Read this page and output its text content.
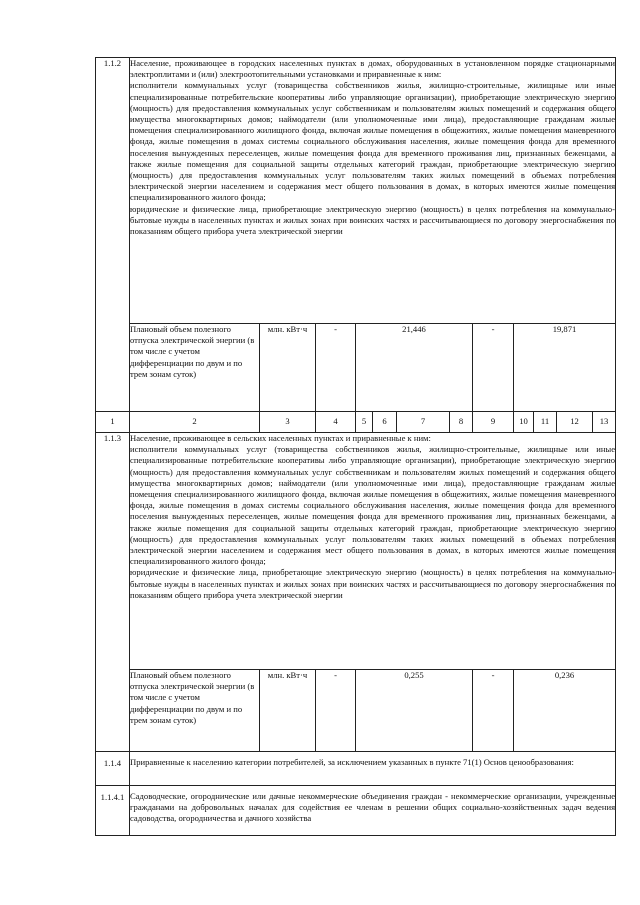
1.1.2	Население, проживающее в городских населенных пунктах в домах, оборудованных в установленном порядке стационарными электроплитами и (или) электроотопительными установками и приравненные к ним:

исполнители коммунальных услуг (товарищества собственников жилья, жилищно-строительные, жилищные или иные специализированные потребительские кооперативы либо управляющие организации), приобретающие электрическую энергию (мощность) для предоставления коммунальных услуг собственникам и пользователям жилых помещений и содержания общего имущества многоквартирных домов; наймодатели (или уполномоченные ими лица), предоставляющие гражданам жилые помещения специализированного жилищного фонда, включая жилые помещения в общежитиях, жилые помещения маневренного фонда, жилые помещения в домах системы социального обслуживания населения, жилые помещения фонда для временного поселения вынужденных переселенцев, жилые помещения фонда для временного проживания лиц, признанных беженцами, а также жилые помещения для социальной защиты отдельных категорий граждан, приобретающие электрическую энергию (мощность) для предоставления коммунальных услуг пользователям таких жилых помещений в объемах потребления электрической энергии населением и содержания мест общего пользования в домах, в которых имеются жилые помещения специализированного жилого фонда;

юридические и физические лица, приобретающие электрическую энергию (мощность) в целях потребления на коммунально-бытовые нужды в населенных пунктах и жилых зонах при воинских частях и рассчитывающиеся по договору энергоснабжения по показаниям общего прибора учета электрической энергии											

	Плановый объем полезного отпуска электрической энергии (в том числе с учетом дифференциации по двум и по трем зонам суток)	млн. кВт·ч	-	21,446				-	19,871			
1	2	3	4	5	6	7	8	9	10	11	12	13
1.1.3	Население, проживающее в сельских населенных пунктах и приравненные к ним:

исполнители коммунальных услуг (товарищества собственников жилья, жилищно-строительные, жилищные или иные специализированные потребительские кооперативы либо управляющие организации), приобретающие электрическую энергию (мощность) для предоставления коммунальных услуг собственникам и пользователям жилых помещений и содержания общего имущества многоквартирных домов; наймодатели (или уполномоченные ими лица), предоставляющие гражданам жилые помещения специализированного жилищного фонда, включая жилые помещения в общежитиях, жилые помещения маневренного фонда, жилые помещения в домах системы социального обслуживания населения, жилые помещения фонда для временного поселения вынужденных переселенцев, жилые помещения фонда для временного проживания лиц, признанных беженцами, а также жилые помещения для социальной защиты отдельных категорий граждан, приобретающие электрическую энергию (мощность) для предоставления коммунальных услуг пользователям таких жилых помещений в объемах потребления электрической энергии населением и содержания мест общего пользования в домах, в которых имеются жилые помещения специализированного жилого фонда;

юридические и физические лица, приобретающие электрическую энергию (мощность) в целях потребления на коммунально-бытовые нужды в населенных пунктах и жилых зонах при воинских частях и рассчитывающиеся по договору энергоснабжения по показаниям общего прибора учета электрической энергии											

	Плановый объем полезного отпуска электрической энергии (в том числе с учетом дифференциации по двум и по трем зонам суток)	млн. кВт·ч	-	0,255				-	0,236			
1.1.4	Приравненные к населению категории потребителей, за исключением указанных в пункте 71(1) Основ ценообразования:											
1.1.4.1	Садоводческие, огороднические или дачные некоммерческие объединения граждан - некоммерческие организации, учрежденные гражданами на добровольных началах для содействия ее членам в решении общих социально-хозяйственных задач ведения садоводства, огородничества и дачного хозяйства											
